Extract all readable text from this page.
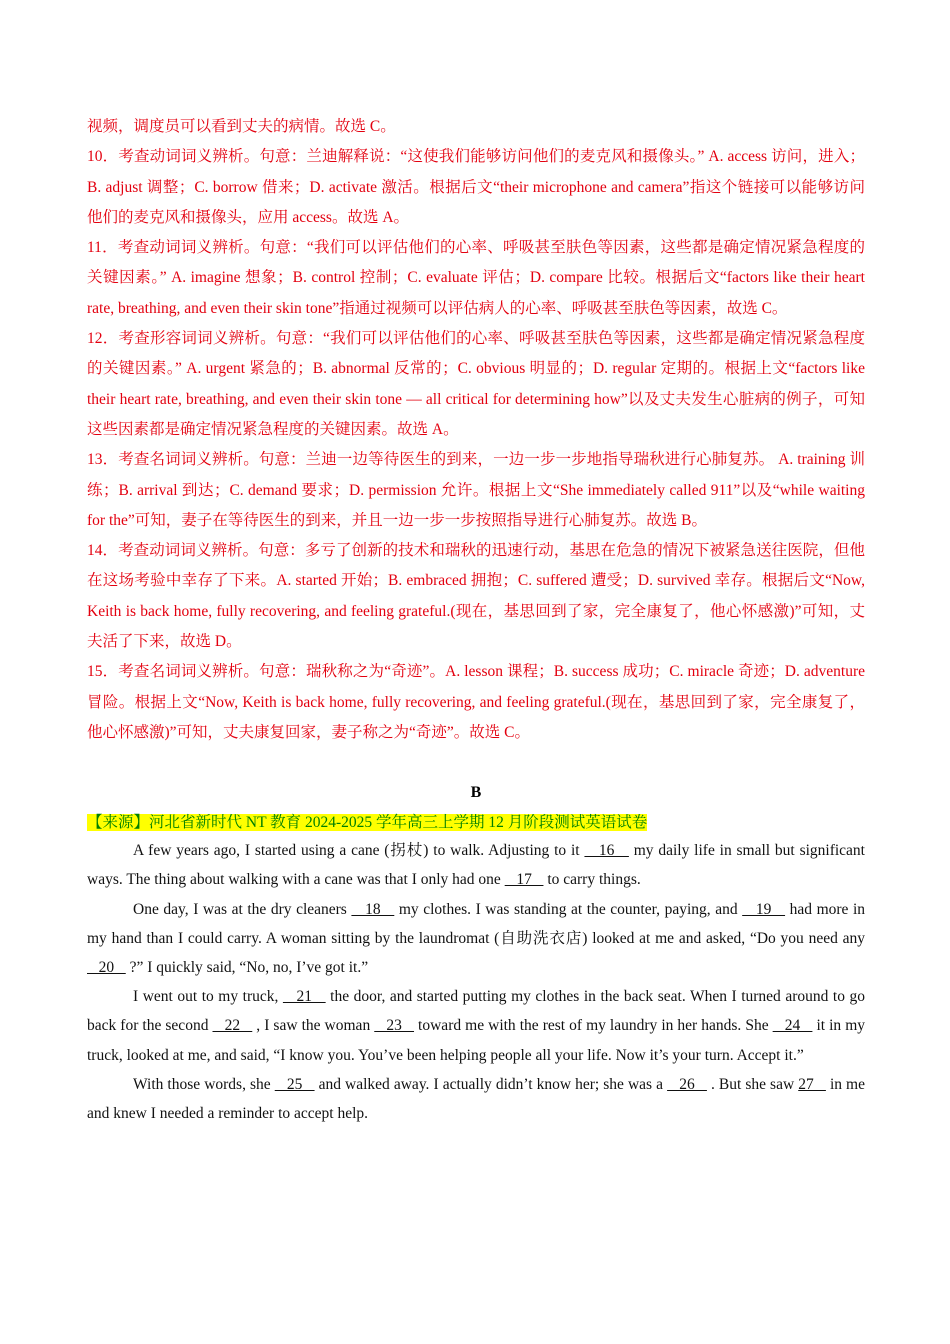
视频，调度员可以看到丈夫的病情。故选 C。

10．考查动词词义辨析。句意：兰迪解释说：“这使我们能够访问他们的麦克风和摄像头。” A. access 访问，进入；B. adjust 调整；C. borrow 借来；D. activate 激活。根据后文“their microphone and camera”指这个链接可以能够访问他们的麦克风和摄像头，应用 access。故选 A。

11．考查动词词义辨析。句意：“我们可以评估他们的心率、呼吸甚至肤色等因素，这些都是确定情况紧急程度的关键因素。” A. imagine 想象；B. control 控制；C. evaluate 评估；D. compare 比较。根据后文“factors like their heart rate, breathing, and even their skin tone”指通过视频可以评估病人的心率、呼吸甚至肤色等因素，故选 C。

12．考查形容词词义辨析。句意：“我们可以评估他们的心率、呼吸甚至肤色等因素，这些都是确定情况紧急程度的关键因素。” A. urgent 紧急的；B. abnormal 反常的；C. obvious 明显的；D. regular 定期的。根据上文“factors like their heart rate, breathing, and even their skin tone — all critical for determining how”以及丈夫发生心脏病的例子，可知这些因素都是确定情况紧急程度的关键因素。故选 A。

13．考查名词词义辨析。句意：兰迪一边等待医生的到来，一边一步一步地指导瑞秋进行心肺复苏。 A. training 训练；B. arrival 到达；C. demand 要求；D. permission 允许。根据上文“She immediately called 911”以及“while waiting for the”可知，妻子在等待医生的到来，并且一边一步一步按照指导进行心肺复苏。故选 B。

14．考查动词词义辨析。句意：多亏了创新的技术和瑞秋的迅速行动，基思在危急的情况下被紧急送往医院，但他在这场考验中幸存了下来。A. started 开始；B. embraced 拥抱；C. suffered 遭受；D. survived 幸存。根据后文“Now, Keith is back home, fully recovering, and feeling grateful.(现在，基思回到了家，完全康复了，他心怀感激)”可知，丈夫活了下来，故选 D。

15．考查名词词义辨析。句意：瑞秋称之为“奇迹”。A. lesson 课程；B. success 成功；C. miracle 奇迹；D. adventure 冒险。根据上文“Now, Keith is back home, fully recovering, and feeling grateful.(现在，基思回到了家，完全康复了，他心怀感激)”可知，丈夫康复回家，妻子称之为“奇迹”。故选 C。

B
【来源】河北省新时代 NT 教育 2024-2025 学年高三上学期 12 月阶段测试英语试卷

A few years ago, I started using a cane (拐杖) to walk. Adjusting to it    16    my daily life in small but significant ways. The thing about walking with a cane was that I only had one    17    to carry things.

One day, I was at the dry cleaners    18    my clothes. I was standing at the counter, paying, and    19    had more in my hand than I could carry. A woman sitting by the laundromat (自助洗衣店) looked at me and asked, “Do you need any    20    ?” I quickly said, “No, no, I’ve got it.”

I went out to my truck,    21    the door, and started putting my clothes in the back seat. When I turned around to go back for the second    22    , I saw the woman    23    toward me with the rest of my laundry in her hands. She    24    it in my truck, looked at me, and said, “I know you. You’ve been helping people all your life. Now it’s your turn. Accept it.”

With those words, she    25    and walked away. I actually didn’t know her; she was a    26    . But she saw 27    in me and knew I needed a reminder to accept help.
